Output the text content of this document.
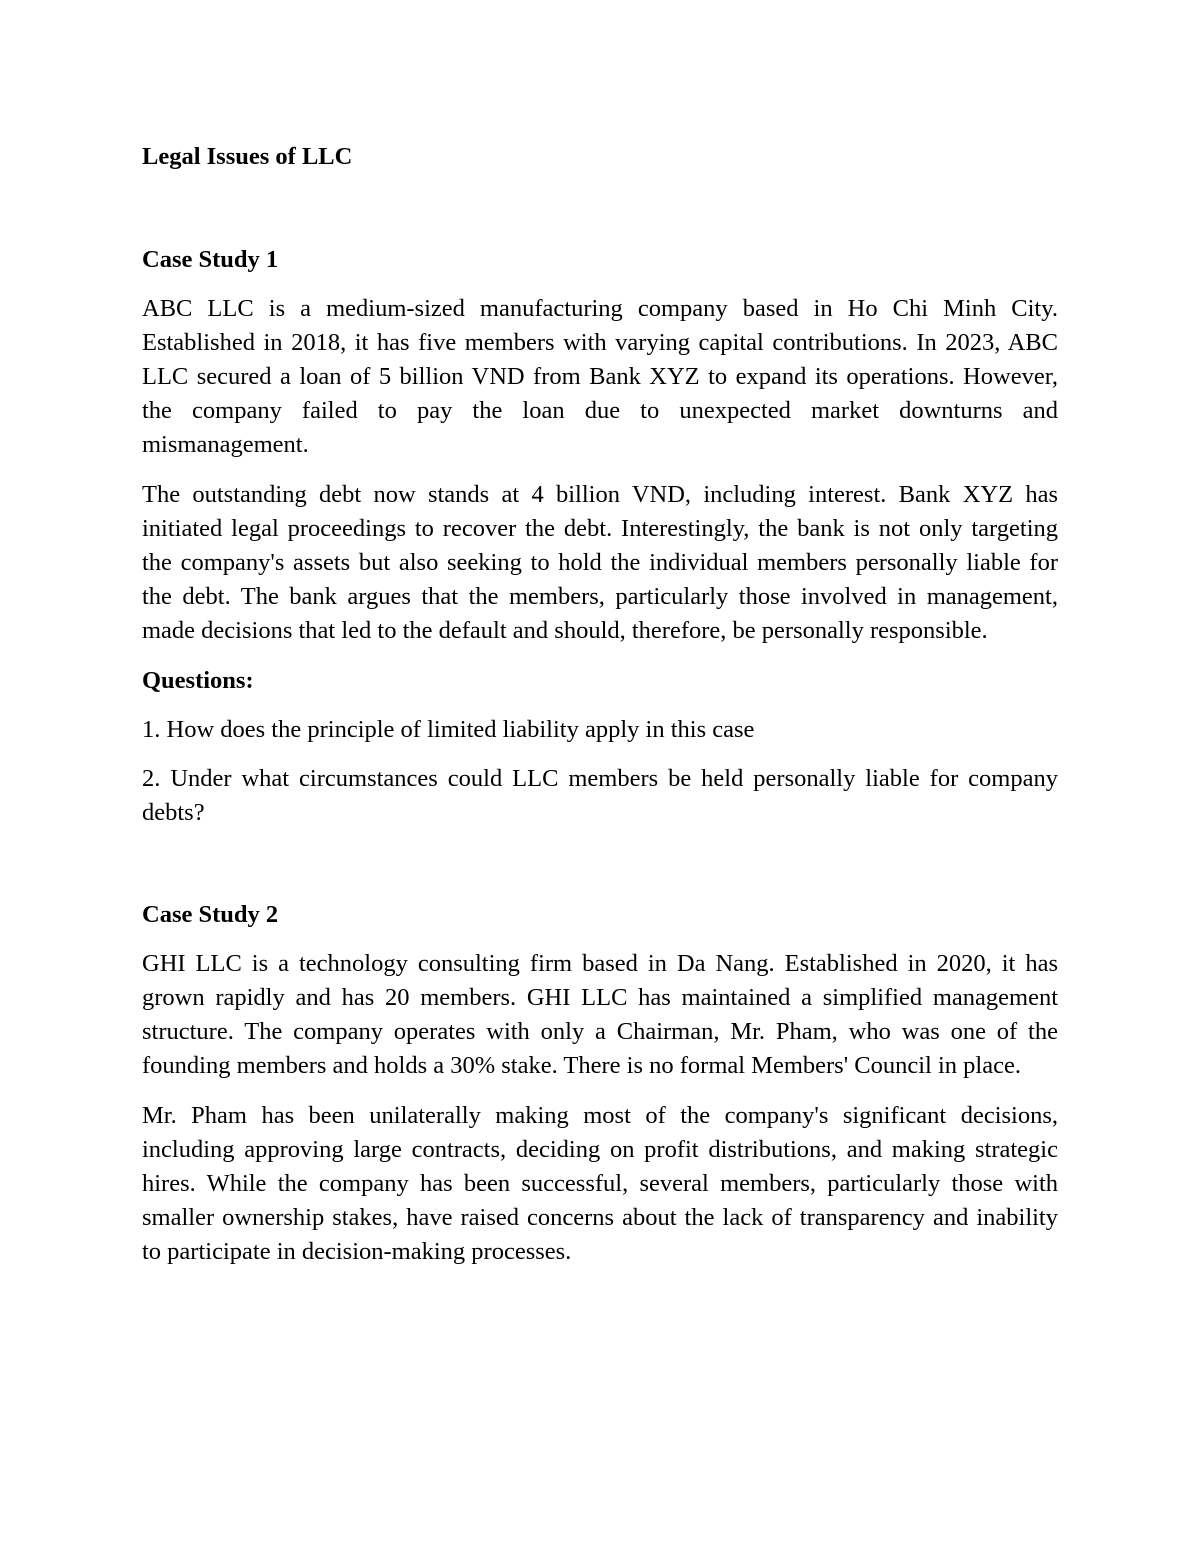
Legal Issues of LLC
Case Study 1

ABC LLC is a medium-sized manufacturing company based in Ho Chi Minh City. Established in 2018, it has five members with varying capital contributions. In 2023, ABC LLC secured a loan of 5 billion VND from Bank XYZ to expand its operations. However, the company failed to pay the loan due to unexpected market downturns and mismanagement.

The outstanding debt now stands at 4 billion VND, including interest. Bank XYZ has initiated legal proceedings to recover the debt. Interestingly, the bank is not only targeting the company's assets but also seeking to hold the individual members personally liable for the debt. The bank argues that the members, particularly those involved in management, made decisions that led to the default and should, therefore, be personally responsible.

Questions:

1. How does the principle of limited liability apply in this case

2. Under what circumstances could LLC members be held personally liable for company debts?

Case Study 2

GHI LLC is a technology consulting firm based in Da Nang. Established in 2020, it has grown rapidly and has 20 members. GHI LLC has maintained a simplified management structure. The company operates with only a Chairman, Mr. Pham, who was one of the founding members and holds a 30% stake. There is no formal Members' Council in place.

Mr. Pham has been unilaterally making most of the company's significant decisions, including approving large contracts, deciding on profit distributions, and making strategic hires. While the company has been successful, several members, particularly those with smaller ownership stakes, have raised concerns about the lack of transparency and inability to participate in decision-making processes.
